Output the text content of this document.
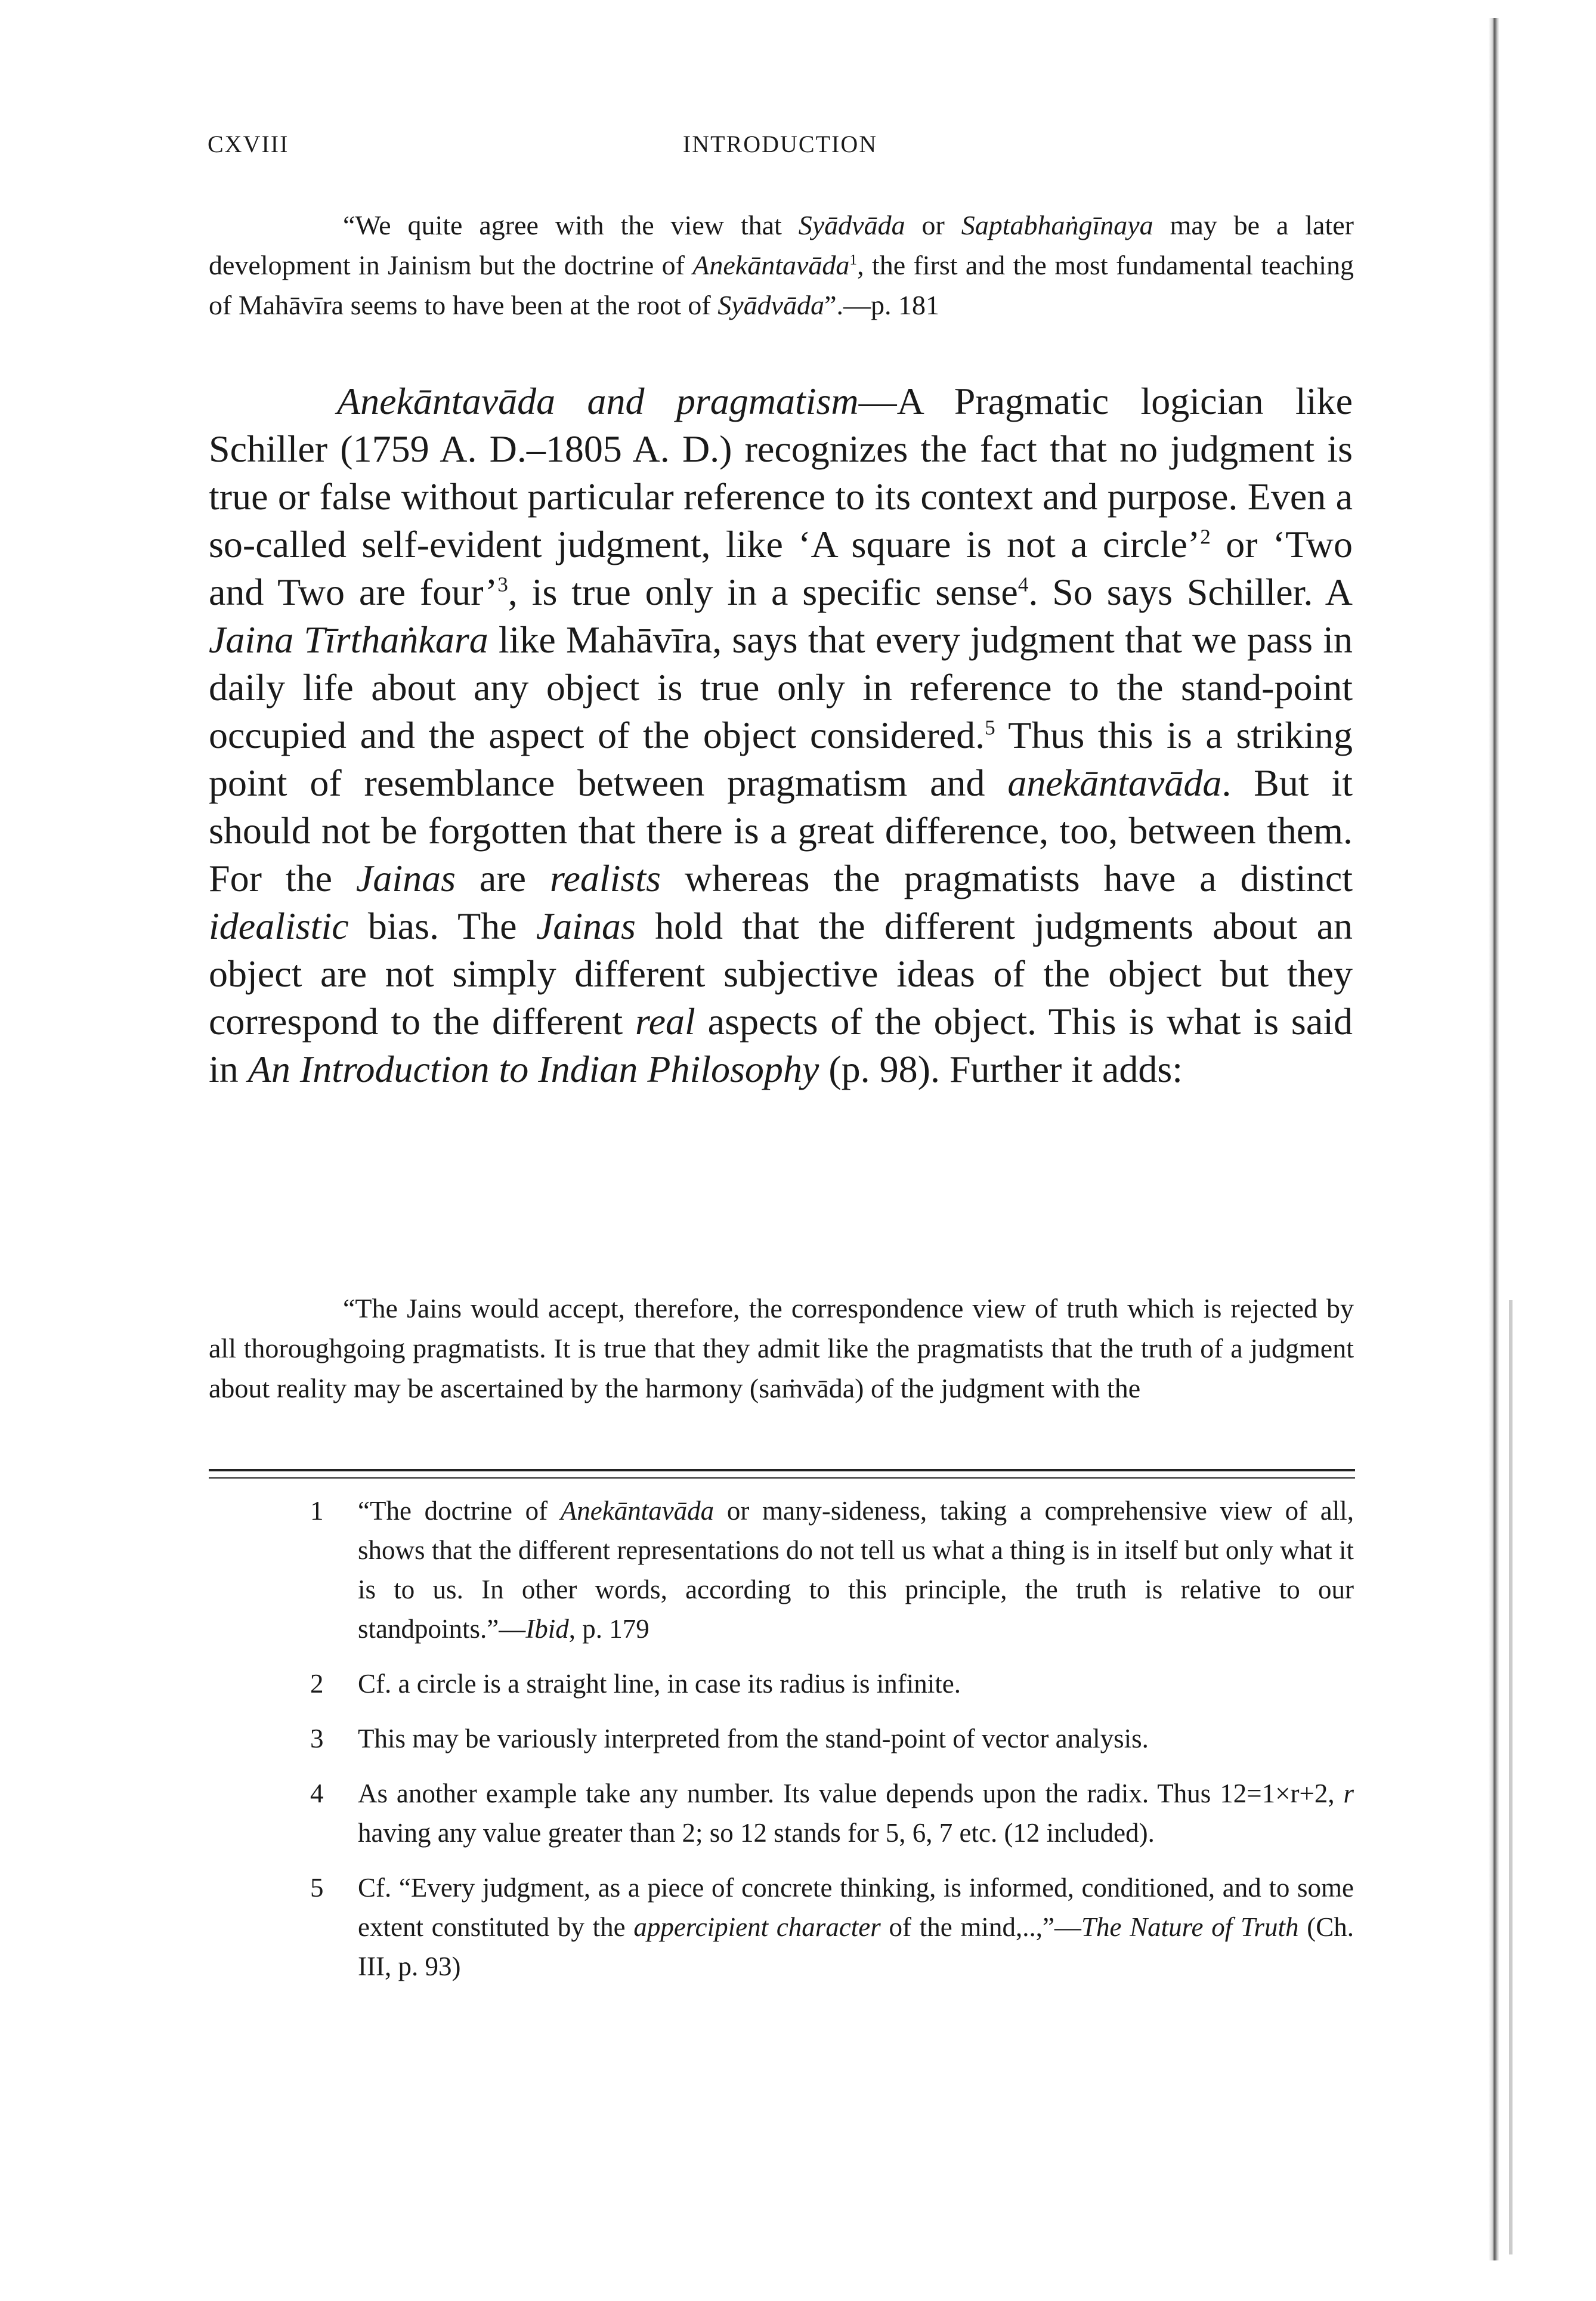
CXVIII	INTRODUCTION

“We quite agree with the view that Syādvāda or Saptabhaṅgīnaya may be a later development in Jainism but the doctrine of Anekāntavāda$^1$, the first and the most fundamental teaching of Mahāvīra seems to have been at the root of Syādvāda”.—p. 181

Anekāntavāda and pragmatism—A Pragmatic logician like Schiller (1759 A. D.–1805 A. D.) recognizes the fact that no judgment is true or false without particular reference to its context and purpose. Even a so-called self-evident judgment, like ‘A square is not a circle’$^2$ or ‘Two and Two are four’$^3$, is true only in a specific sense$^4$. So says Schiller. A Jaina Tīrthaṅkara like Mahāvīra, says that every judgment that we pass in daily life about any object is true only in reference to the stand-point occupied and the aspect of the object considered.$^5$ Thus this is a striking point of resemblance between pragmatism and anekāntavāda. But it should not be forgotten that there is a great difference, too, between them. For the Jainas are realists whereas the pragmatists have a distinct idealistic bias. The Jainas hold that the different judgments about an object are not simply different subjective ideas of the object but they correspond to the different real aspects of the object. This is what is said in An Introduction to Indian Philosophy (p. 98). Further it adds:

“The Jains would accept, therefore, the correspondence view of truth which is rejected by all thoroughgoing pragmatists. It is true that they admit like the pragmatists that the truth of a judgment about reality may be ascertained by the harmony (saṁvāda) of the judgment with the

1 “The doctrine of Anekāntavāda or many-sideness, taking a comprehensive view of all, shows that the different representations do not tell us what a thing is in itself but only what it is to us. In other words, according to this principle, the truth is relative to our standpoints.”—Ibid, p. 179
2 Cf. a circle is a straight line, in case its radius is infinite.
3 This may be variously interpreted from the stand-point of vector analysis.
4 As another example take any number. Its value depends upon the radix. Thus 12=1×r+2, r having any value greater than 2; so 12 stands for 5, 6, 7 etc. (12 included).
5 Cf. “Every judgment, as a piece of concrete thinking, is informed, conditioned, and to some extent constituted by the appercipient character of the mind,..,”—The Nature of Truth (Ch. III, p. 93)
